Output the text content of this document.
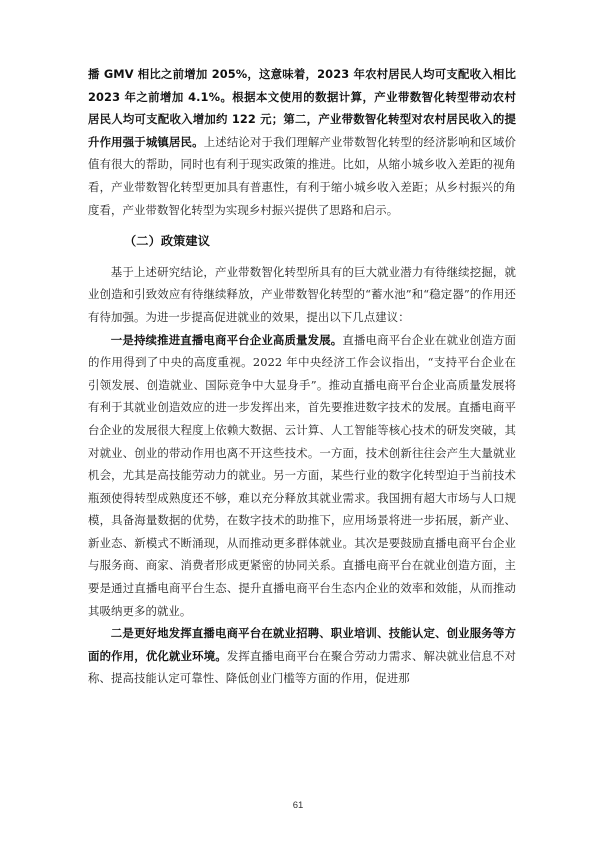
播 GMV 相比之前增加 205%，这意味着，2023 年农村居民人均可支配收入相比 2023 年之前增加 4.1%。根据本文使用的数据计算，产业带数智化转型带动农村居民人均可支配收入增加约 122 元；第二，产业带数智化转型对农村居民收入的提升作用强于城镇居民。上述结论对于我们理解产业带数智化转型的经济影响和区域价值有很大的帮助，同时也有利于现实政策的推进。比如，从缩小城乡收入差距的视角看，产业带数智化转型更加具有普惠性，有利于缩小城乡收入差距；从乡村振兴的角度看，产业带数智化转型为实现乡村振兴提供了思路和启示。

（二）政策建议

基于上述研究结论，产业带数智化转型所具有的巨大就业潜力有待继续挖掘，就业创造和引致效应有待继续释放，产业带数智化转型的“蓄水池”和“稳定器”的作用还有待加强。为进一步提高促进就业的效果，提出以下几点建议：

一是持续推进直播电商平台企业高质量发展。直播电商平台企业在就业创造方面的作用得到了中央的高度重视。2022 年中央经济工作会议指出，“支持平台企业在引领发展、创造就业、国际竞争中大显身手”。推动直播电商平台企业高质量发展将有利于其就业创造效应的进一步发挥出来，首先要推进数字技术的发展。直播电商平台企业的发展很大程度上依赖大数据、云计算、人工智能等核心技术的研发突破，其对就业、创业的带动作用也离不开这些技术。一方面，技术创新往往会产生大量就业机会，尤其是高技能劳动力的就业。另一方面，某些行业的数字化转型迫于当前技术瓶颈使得转型成熟度还不够，难以充分释放其就业需求。我国拥有超大市场与人口规模，具备海量数据的优势，在数字技术的助推下，应用场景将进一步拓展，新产业、新业态、新模式不断涌现，从而推动更多群体就业。其次是要鼓励直播电商平台企业与服务商、商家、消费者形成更紧密的协同关系。直播电商平台在就业创造方面，主要是通过直播电商平台生态、提升直播电商平台生态内企业的效率和效能，从而推动其吸纳更多的就业。

二是更好地发挥直播电商平台在就业招聘、职业培训、技能认定、创业服务等方面的作用，优化就业环境。发挥直播电商平台在聚合劳动力需求、解决就业信息不对称、提高技能认定可靠性、降低创业门槛等方面的作用，促进那

61
